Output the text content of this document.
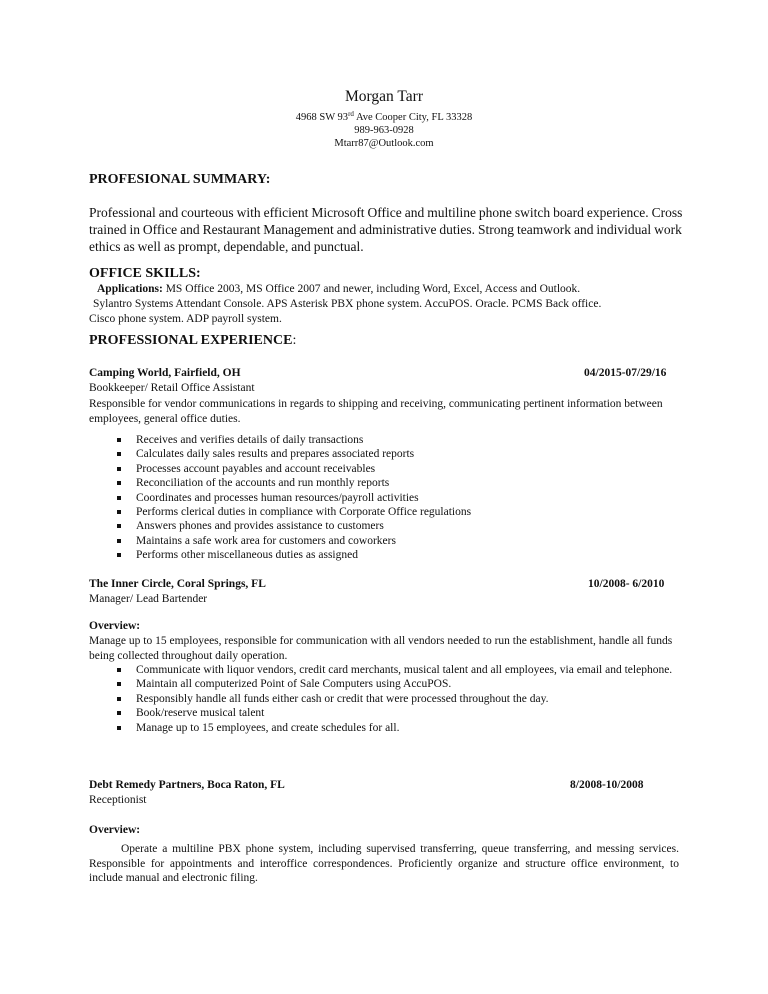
Morgan Tarr
4968 SW 93rd Ave Cooper City, FL 33328
989-963-0928
Mtarr87@Outlook.com
PROFESIONAL SUMMARY:
Professional and courteous with efficient Microsoft Office and multiline phone switch board experience. Cross trained in Office and Restaurant Management and administrative duties. Strong teamwork and individual work ethics as well as prompt, dependable, and punctual.
OFFICE SKILLS:
Applications: MS Office 2003, MS Office 2007 and newer, including Word, Excel, Access and Outlook.
Sylantro Systems Attendant Console. APS Asterisk PBX phone system. AccuPOS. Oracle. PCMS Back office.
Cisco phone system. ADP payroll system.
PROFESSIONAL EXPERIENCE:
Camping World, Fairfield, OH	04/2015-07/29/16
Bookkeeper/ Retail Office Assistant
Responsible for vendor communications in regards to shipping and receiving, communicating pertinent information between employees, general office duties.
Receives and verifies details of daily transactions
Calculates daily sales results and prepares associated reports
Processes account payables and account receivables
Reconciliation of the accounts and run monthly reports
Coordinates and processes human resources/payroll activities
Performs clerical duties in compliance with Corporate Office regulations
Answers phones and provides assistance to customers
Maintains a safe work area for customers and coworkers
Performs other miscellaneous duties as assigned
The Inner Circle, Coral Springs, FL	10/2008- 6/2010
Manager/ Lead Bartender
Overview:
Manage up to 15 employees, responsible for communication with all vendors needed to run the establishment, handle all funds being collected throughout daily operation.
Communicate with liquor vendors, credit card merchants, musical talent and all employees, via email and telephone.
Maintain all computerized Point of Sale Computers using AccuPOS.
Responsibly handle all funds either cash or credit that were processed throughout the day.
Book/reserve musical talent
Manage up to 15 employees, and create schedules for all.
Debt Remedy Partners, Boca Raton, FL	8/2008-10/2008
Receptionist
Overview:
Operate a multiline PBX phone system, including supervised transferring, queue transferring, and messing services. Responsible for appointments and interoffice correspondences. Proficiently organize and structure office environment, to include manual and electronic filing.
